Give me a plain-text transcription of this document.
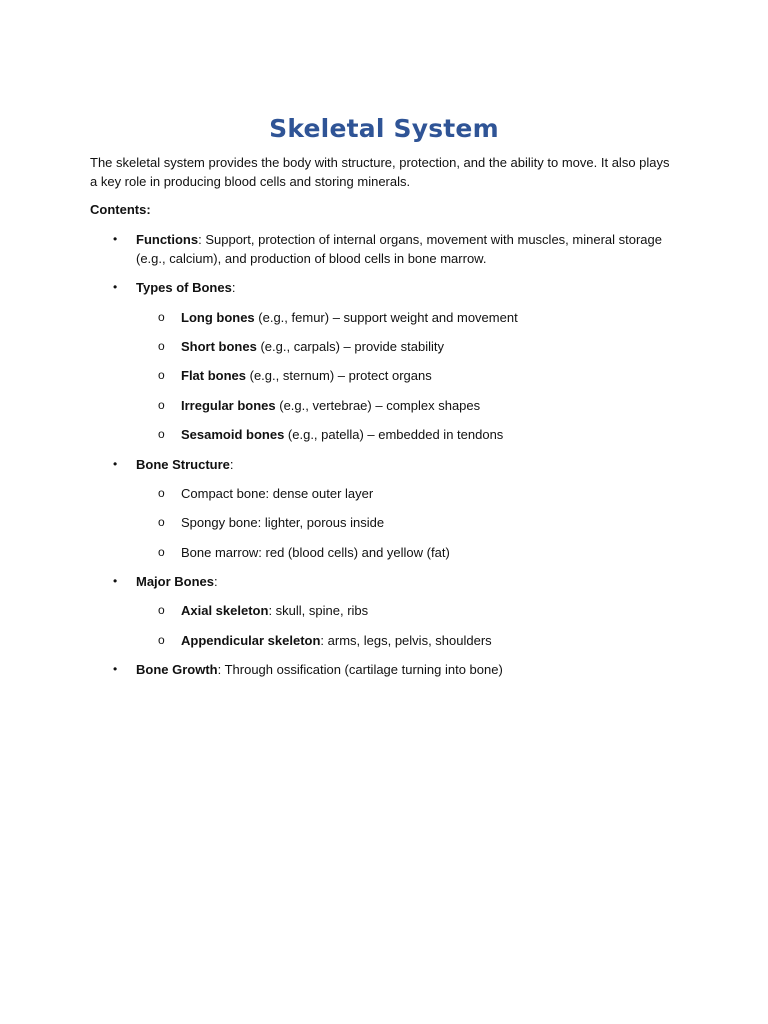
Skeletal System

The skeletal system provides the body with structure, protection, and the ability to move. It also plays a key role in producing blood cells and storing minerals.

Contents:

• Functions: Support, protection of internal organs, movement with muscles, mineral storage (e.g., calcium), and production of blood cells in bone marrow.
• Types of Bones:
o Long bones (e.g., femur) – support weight and movement
o Short bones (e.g., carpals) – provide stability
o Flat bones (e.g., sternum) – protect organs
o Irregular bones (e.g., vertebrae) – complex shapes
o Sesamoid bones (e.g., patella) – embedded in tendons
• Bone Structure:
o Compact bone: dense outer layer
o Spongy bone: lighter, porous inside
o Bone marrow: red (blood cells) and yellow (fat)
• Major Bones:
o Axial skeleton: skull, spine, ribs
o Appendicular skeleton: arms, legs, pelvis, shoulders
• Bone Growth: Through ossification (cartilage turning into bone)
